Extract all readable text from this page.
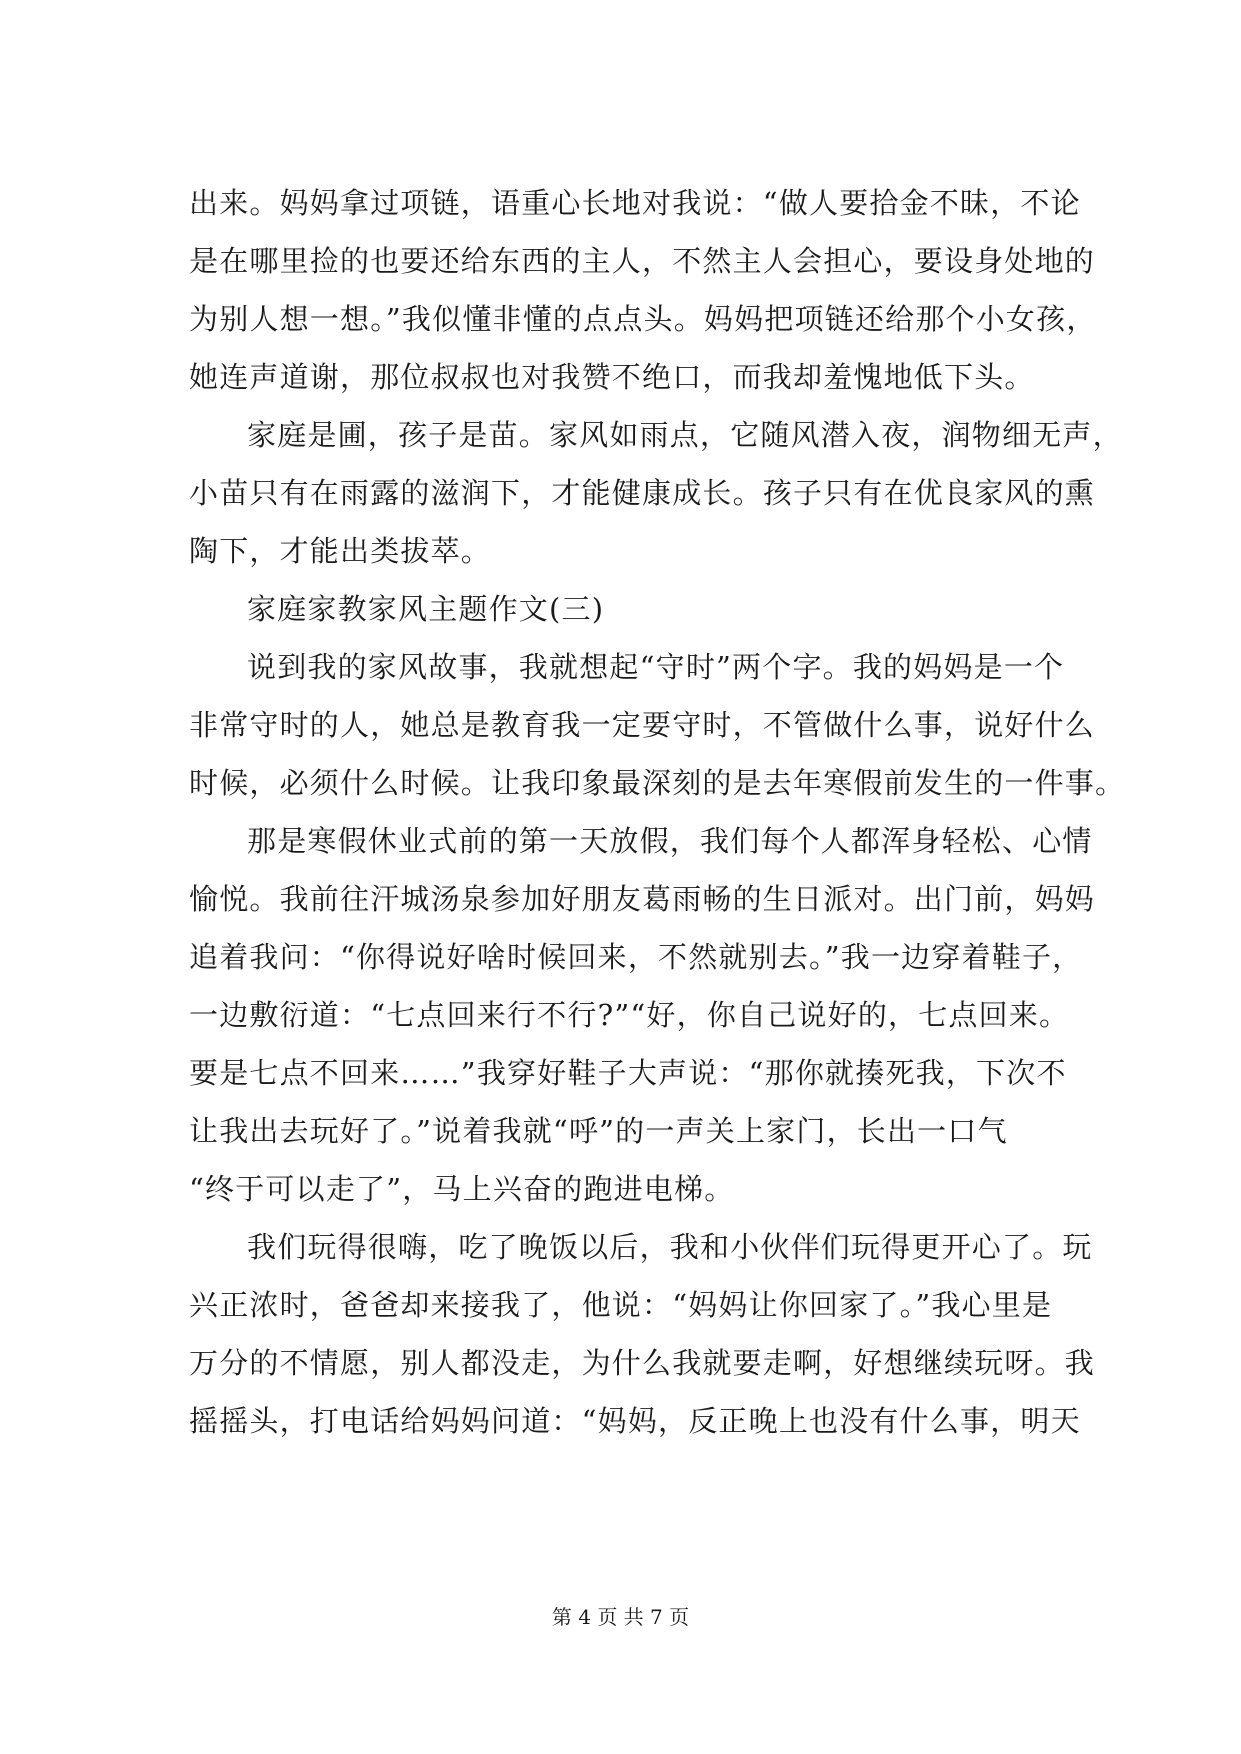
出来。妈妈拿过项链，语重心长地对我说：“做人要拾金不昧，不论
是在哪里捡的也要还给东西的主人，不然主人会担心，要设身处地的
为别人想一想。”我似懂非懂的点点头。妈妈把项链还给那个小女孩，
她连声道谢，那位叔叔也对我赞不绝口，而我却羞愧地低下头。
家庭是圃，孩子是苗。家风如雨点，它随风潜入夜，润物细无声，
小苗只有在雨露的滋润下，才能健康成长。孩子只有在优良家风的熏
陶下，才能出类拔萃。
家庭家教家风主题作文(三)
说到我的家风故事，我就想起“守时”两个字。我的妈妈是一个
非常守时的人，她总是教育我一定要守时，不管做什么事，说好什么
时候，必须什么时候。让我印象最深刻的是去年寒假前发生的一件事。
那是寒假休业式前的第一天放假，我们每个人都浑身轻松、心情
愉悦。我前往汗城汤泉参加好朋友葛雨畅的生日派对。出门前，妈妈
追着我问：“你得说好啥时候回来，不然就别去。”我一边穿着鞋子，
一边敷衍道：“七点回来行不行?”“好，你自己说好的，七点回来。
要是七点不回来……”我穿好鞋子大声说：“那你就揍死我，下次不
让我出去玩好了。”说着我就“呼”的一声关上家门，长出一口气
“终于可以走了”，马上兴奋的跑进电梯。
我们玩得很嗨，吃了晚饭以后，我和小伙伴们玩得更开心了。玩
兴正浓时，爸爸却来接我了，他说：“妈妈让你回家了。”我心里是
万分的不情愿，别人都没走，为什么我就要走啊，好想继续玩呀。我
摇摇头，打电话给妈妈问道：“妈妈，反正晚上也没有什么事，明天
第 4 页 共 7 页
